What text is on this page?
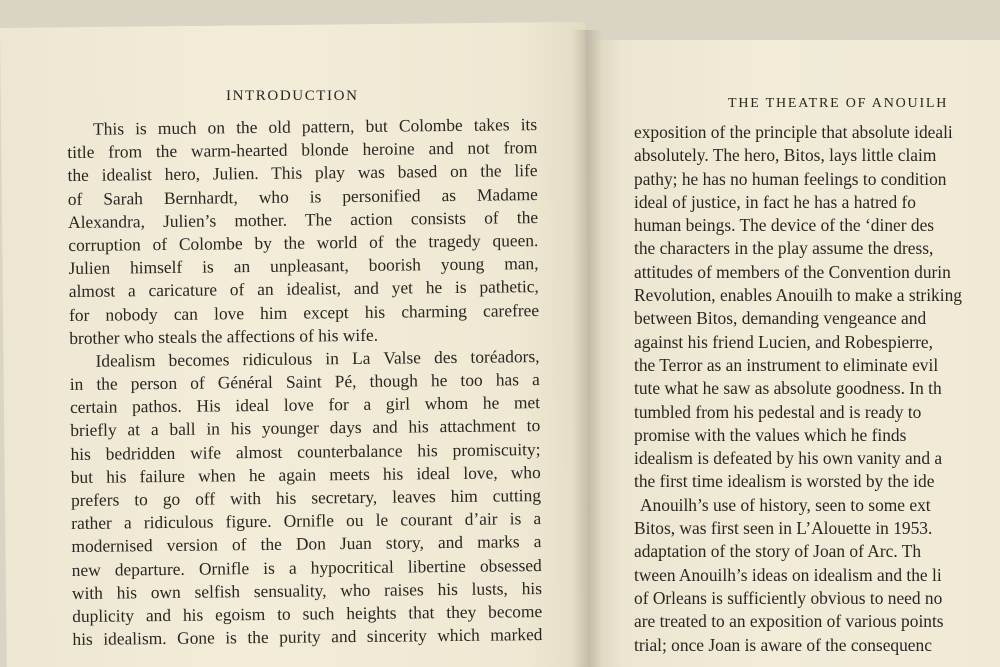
INTRODUCTION	THE THEATRE OF ANOUILH
This is much on the old pattern, but Colombe takes its
title from the warm-hearted blonde heroine and not from
the idealist hero, Julien. This play was based on the life
of Sarah Bernhardt, who is personified as Madame
Alexandra, Julien’s mother. The action consists of the
corruption of Colombe by the world of the tragedy queen.
Julien himself is an unpleasant, boorish young man,
almost a caricature of an idealist, and yet he is pathetic,
for nobody can love him except his charming carefree
brother who steals the affections of his wife.
Idealism becomes ridiculous in La Valse des toréadors,
in the person of Général Saint Pé, though he too has a
certain pathos. His ideal love for a girl whom he met
briefly at a ball in his younger days and his attachment to
his bedridden wife almost counterbalance his promiscuity;
but his failure when he again meets his ideal love, who
prefers to go off with his secretary, leaves him cutting
rather a ridiculous figure. Ornifle ou le courant d’air is a
modernised version of the Don Juan story, and marks a
new departure. Ornifle is a hypocritical libertine obsessed
with his own selfish sensuality, who raises his lusts, his
duplicity and his egoism to such heights that they become
his idealism. Gone is the purity and sincerity which marked
exposition of the principle that absolute ideali
absolutely. The hero, Bitos, lays little claim
pathy; he has no human feelings to condition
ideal of justice, in fact he has a hatred fo
human beings. The device of the ‘diner des
the characters in the play assume the dress,
attitudes of members of the Convention durin
Revolution, enables Anouilh to make a striking
between Bitos, demanding vengeance and
against his friend Lucien, and Robespierre,
the Terror as an instrument to eliminate evil
tute what he saw as absolute goodness. In th
tumbled from his pedestal and is ready to
promise with the values which he finds
idealism is defeated by his own vanity and a
the first time idealism is worsted by the ide
Anouilh’s use of history, seen to some ext
Bitos, was first seen in L’Alouette in 1953.
adaptation of the story of Joan of Arc. Th
tween Anouilh’s ideas on idealism and the li
of Orleans is sufficiently obvious to need no
are treated to an exposition of various points
trial; once Joan is aware of the consequenc
